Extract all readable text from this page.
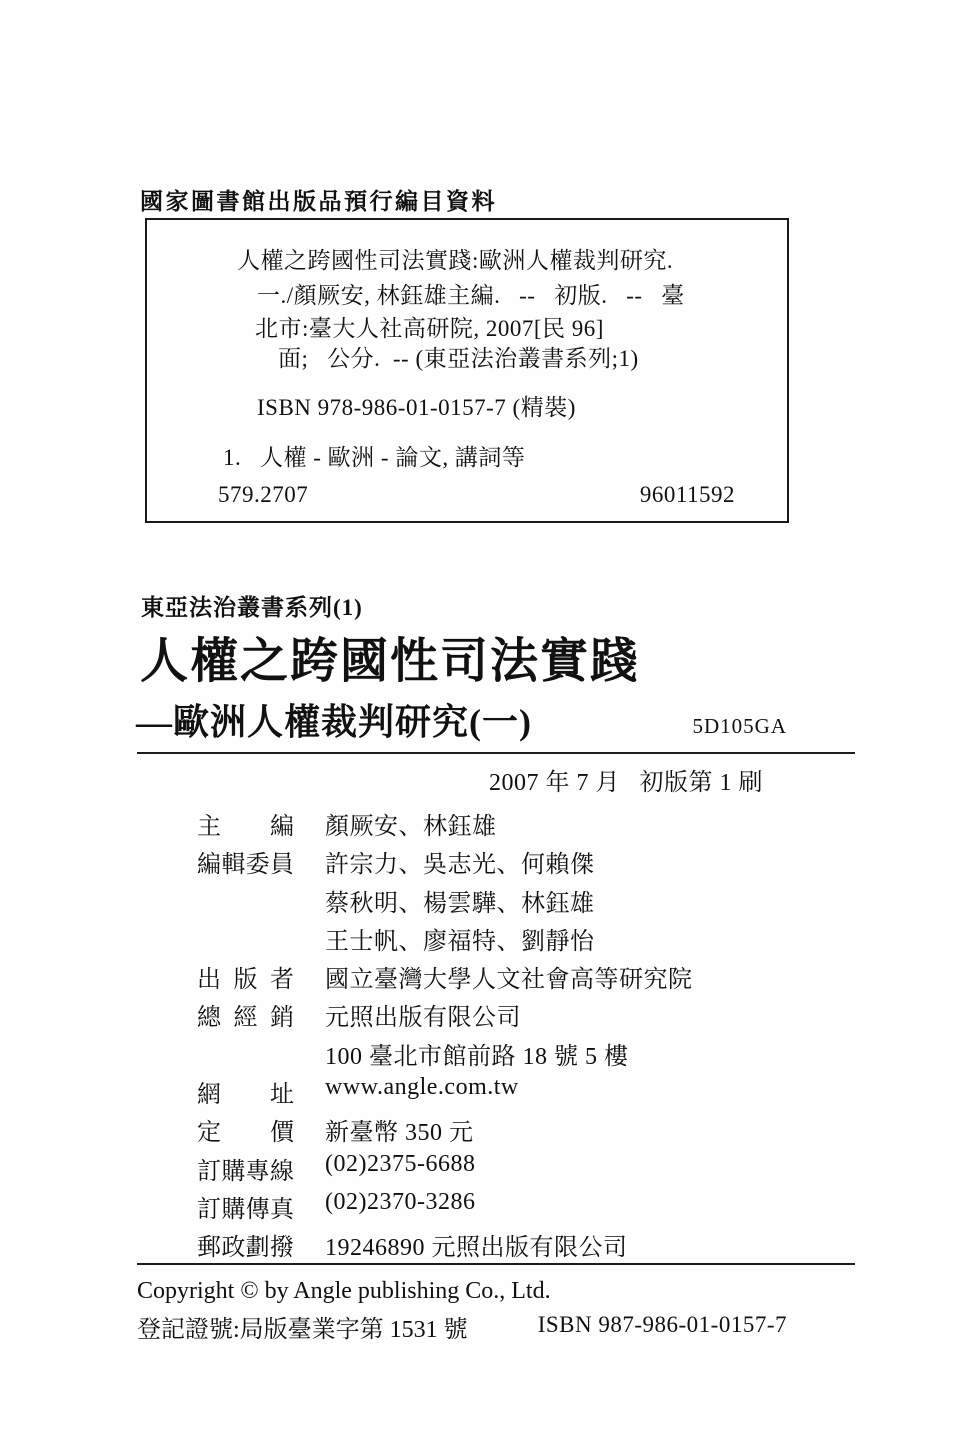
國家圖書館出版品預行編目資料
人權之跨國性司法實踐:歐洲人權裁判研究.
一./顏厥安, 林鈺雄主編.   --   初版.   --   臺
北市:臺大人社高研院, 2007[民 96]
面;   公分.  -- (東亞法治叢書系列;1)
ISBN 978-986-01-0157-7 (精裝)
1.   人權 - 歐洲 - 論文, 講詞等
579.2707	96011592
東亞法治叢書系列(1)
人權之跨國性司法實踐
—歐洲人權裁判研究(一)	5D105GA
2007 年 7 月   初版第 1 刷
主編 顏厥安、林鈺雄
編輯委員 許宗力、吳志光、何賴傑
蔡秋明、楊雲驊、林鈺雄
王士帆、廖福特、劉靜怡
出版者 國立臺灣大學人文社會高等研究院
總經銷 元照出版有限公司
100 臺北市館前路 18 號 5 樓
網址 www.angle.com.tw
定價 新臺幣 350 元
訂購專線 (02)2375-6688
訂購傳真 (02)2370-3286
郵政劃撥 19246890 元照出版有限公司
Copyright © by Angle publishing Co., Ltd.
登記證號:局版臺業字第 1531 號	ISBN 987-986-01-0157-7
